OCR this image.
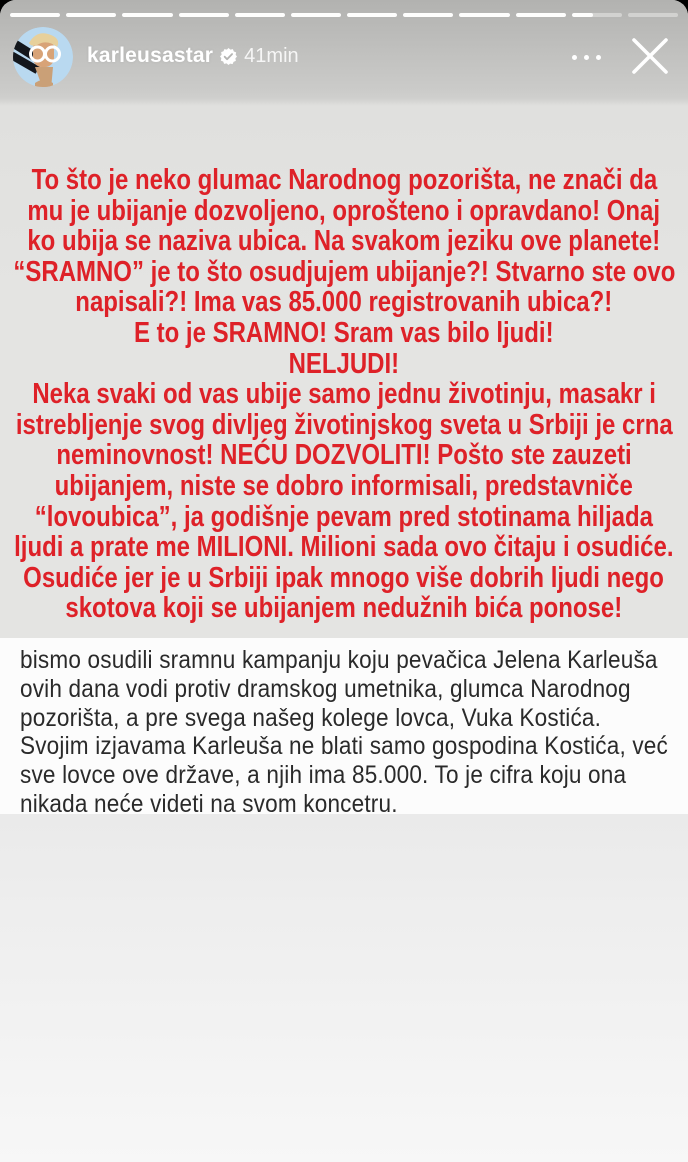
karleusastar 41min
To što je neko glumac Narodnog pozorišta, ne znači da
mu je ubijanje dozvoljeno, oprošteno i opravdano! Onaj
ko ubija se naziva ubica. Na svakom jeziku ove planete!
“SRAMNO” je to što osudjujem ubijanje?! Stvarno ste ovo
napisali?! Ima vas 85.000 registrovanih ubica?!
E to je SRAMNO! Sram vas bilo ljudi!
NELJUDI!
Neka svaki od vas ubije samo jednu životinju, masakr i
istrebljenje svog divljeg životinjskog sveta u Srbiji je crna
neminovnost! NEĆU DOZVOLITI! Pošto ste zauzeti
ubijanjem, niste se dobro informisali, predstavniče
“lovoubica”, ja godišnje pevam pred stotinama hiljada
ljudi a prate me MILIONI. Milioni sada ovo čitaju i osudiće.
Osudiće jer je u Srbiji ipak mnogo više dobrih ljudi nego
skotova koji se ubijanjem nedužnih bića ponose!
bismo osudili sramnu kampanju koju pevačica Jelena Karleuša
ovih dana vodi protiv dramskog umetnika, glumca Narodnog
pozorišta, a pre svega našeg kolege lovca, Vuka Kostića.
Svojim izjavama Karleuša ne blati samo gospodina Kostića, već
sve lovce ove države, a njih ima 85.000. To je cifra koju ona
nikada neće videti na svom koncetru.
